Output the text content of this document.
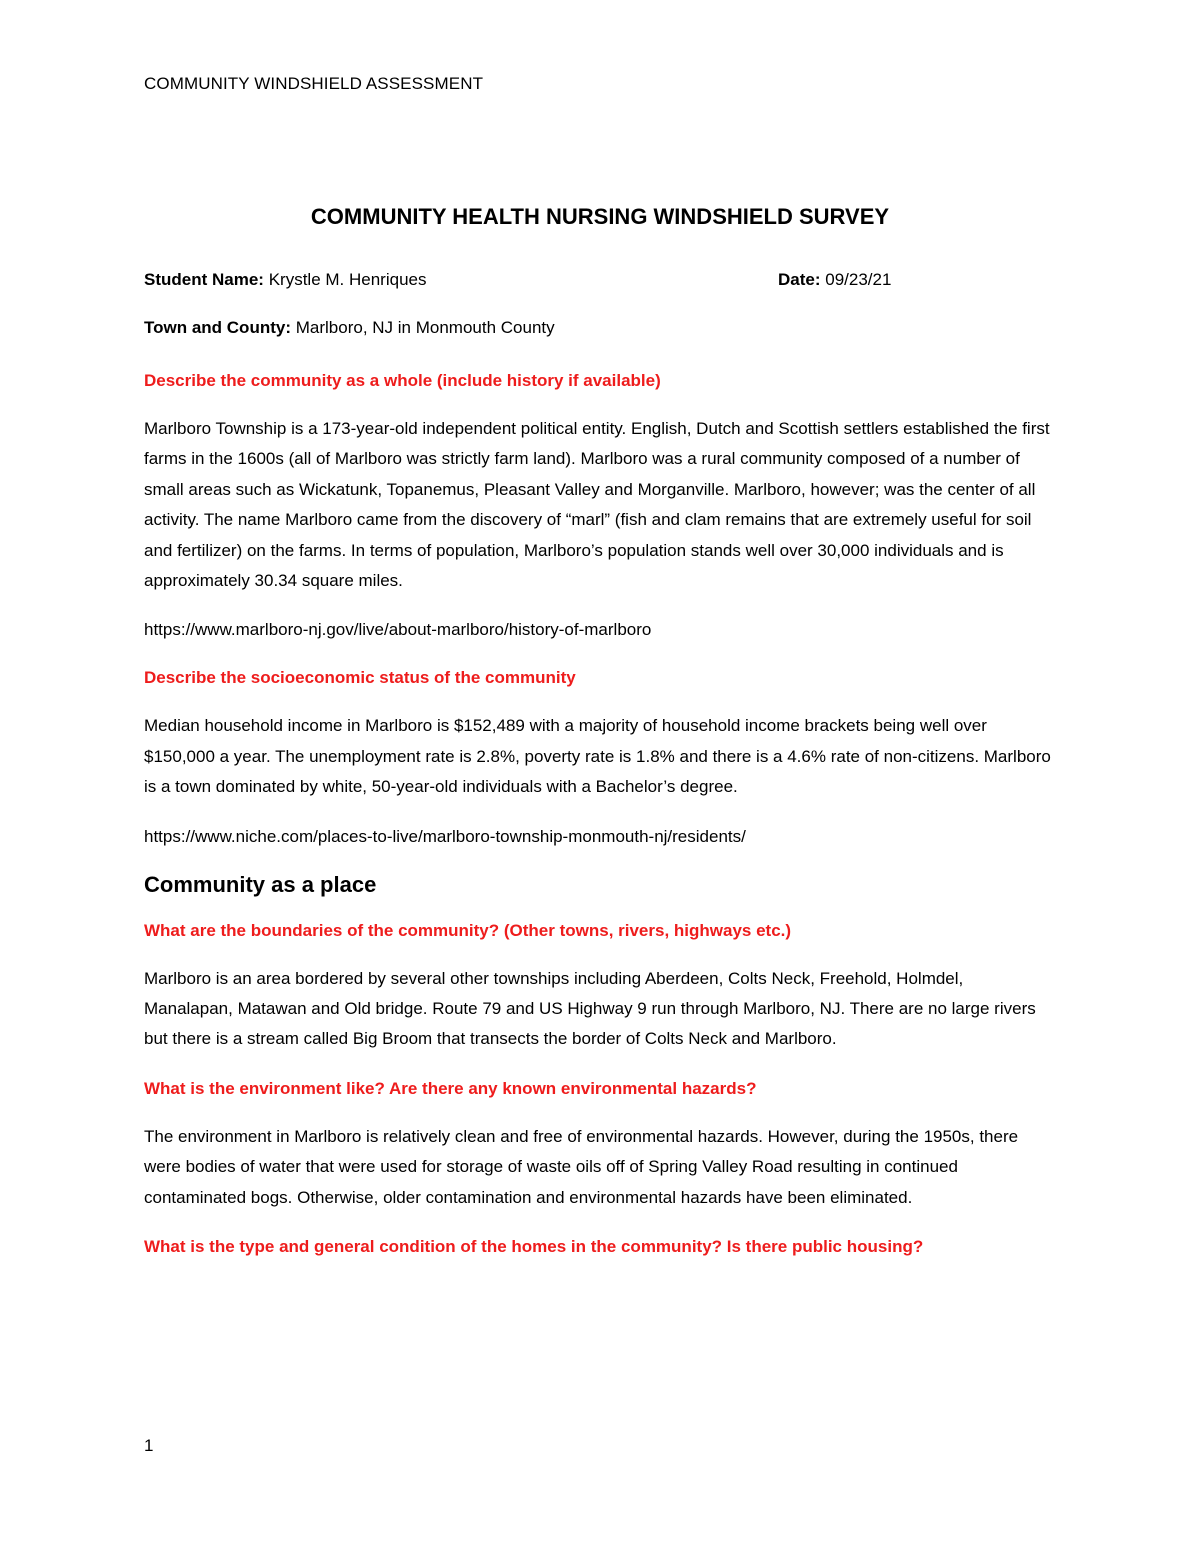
COMMUNITY WINDSHIELD ASSESSMENT
COMMUNITY HEALTH NURSING WINDSHIELD SURVEY
Student Name: Krystle M. Henriques	Date: 09/23/21
Town and County: Marlboro, NJ in Monmouth County
Describe the community as a whole (include history if available)
Marlboro Township is a 173-year-old independent political entity. English, Dutch and Scottish settlers established the first farms in the 1600s (all of Marlboro was strictly farm land). Marlboro was a rural community composed of a number of small areas such as Wickatunk, Topanemus, Pleasant Valley and Morganville. Marlboro, however; was the center of all activity. The name Marlboro came from the discovery of “marl” (fish and clam remains that are extremely useful for soil and fertilizer) on the farms. In terms of population, Marlboro’s population stands well over 30,000 individuals and is approximately 30.34 square miles.
https://www.marlboro-nj.gov/live/about-marlboro/history-of-marlboro
Describe the socioeconomic status of the community
Median household income in Marlboro is $152,489 with a majority of household income brackets being well over $150,000 a year. The unemployment rate is 2.8%, poverty rate is 1.8% and there is a 4.6% rate of non-citizens. Marlboro is a town dominated by white, 50-year-old individuals with a Bachelor’s degree.
https://www.niche.com/places-to-live/marlboro-township-monmouth-nj/residents/
Community as a place
What are the boundaries of the community? (Other towns, rivers, highways etc.)
Marlboro is an area bordered by several other townships including Aberdeen, Colts Neck, Freehold, Holmdel, Manalapan, Matawan and Old bridge. Route 79 and US Highway 9 run through Marlboro, NJ. There are no large rivers but there is a stream called Big Broom that transects the border of Colts Neck and Marlboro.
What is the environment like? Are there any known environmental hazards?
The environment in Marlboro is relatively clean and free of environmental hazards. However, during the 1950s, there were bodies of water that were used for storage of waste oils off of Spring Valley Road resulting in continued contaminated bogs. Otherwise, older contamination and environmental hazards have been eliminated.
What is the type and general condition of the homes in the community? Is there public housing?
1
